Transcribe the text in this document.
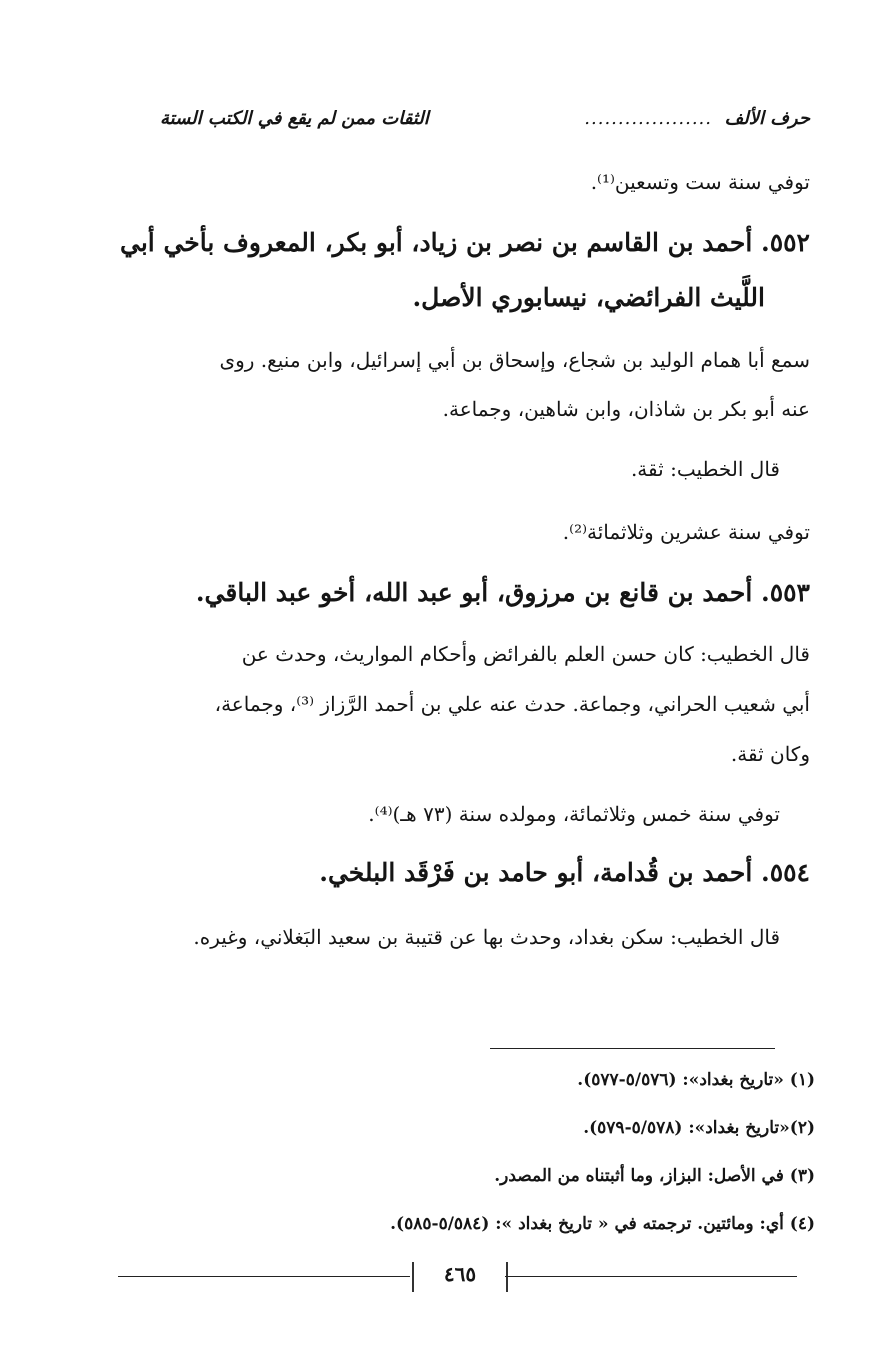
حرف الألف
...................
الثقات ممن لم يقع في الكتب الستة
توفي سنة ست وتسعين⁽¹⁾.
٥٥٢. أحمد بن القاسم بن نصر بن زياد، أبو بكر، المعروف بأخي أبي
اللَّيث الفرائضي، نيسابوري الأصل.
سمع أبا همام الوليد بن شجاع، وإسحاق بن أبي إسرائيل، وابن منيع. روى
عنه أبو بكر بن شاذان، وابن شاهين، وجماعة.
قال الخطيب: ثقة.
توفي سنة عشرين وثلاثمائة⁽²⁾.
٥٥٣. أحمد بن قانع بن مرزوق، أبو عبد الله، أخو عبد الباقي.
قال الخطيب: كان حسن العلم بالفرائض وأحكام المواريث، وحدث عن
أبي شعيب الحراني، وجماعة. حدث عنه علي بن أحمد الرَّزاز ⁽³⁾، وجماعة،
وكان ثقة.
توفي سنة خمس وثلاثمائة، ومولده سنة (٧٣ هـ)⁽⁴⁾.
٥٥٤. أحمد بن قُدامة، أبو حامد بن فَرْقَد البلخي.
قال الخطيب: سكن بغداد، وحدث بها عن قتيبة بن سعيد البَغلاني، وغيره.
(١) «تاريخ بغداد»: (٥/٥٧٦-٥٧٧).
(٢)«تاريخ بغداد»: (٥/٥٧٨-٥٧٩).
(٣) في الأصل: البزاز، وما أثبتناه من المصدر.
(٤) أي: ومائتين. ترجمته في « تاريخ بغداد »: (٥/٥٨٤-٥٨٥).
٤٦٥
